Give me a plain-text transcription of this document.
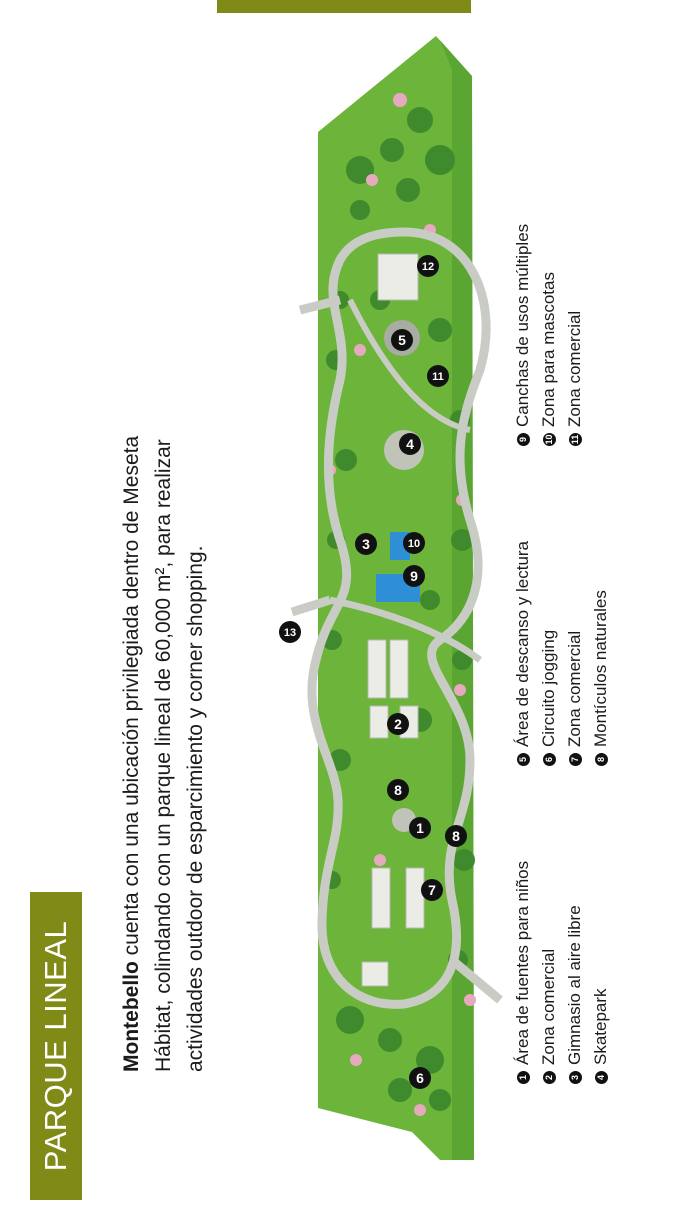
PARQUE LINEAL	Montebello cuenta con una ubicación privilegiada dentro de Meseta Hábitat, colindando con un parque lineal de 60,000 m², para realizar actividades outdoor de esparcimiento y corner shopping.	1
2
3
4
5
6
7
8
8
9
10
11
12
13
1
Área de fuentes para niños
2
Zona comercial
3
Gimnasio al aire libre
4
Skatepark
5
Área de descanso y lectura
6
Circuito jogging
7
Zona comercial
8
Montículos naturales
9
Canchas de usos múltiples
10
Zona para mascotas
11
Zona comercial
